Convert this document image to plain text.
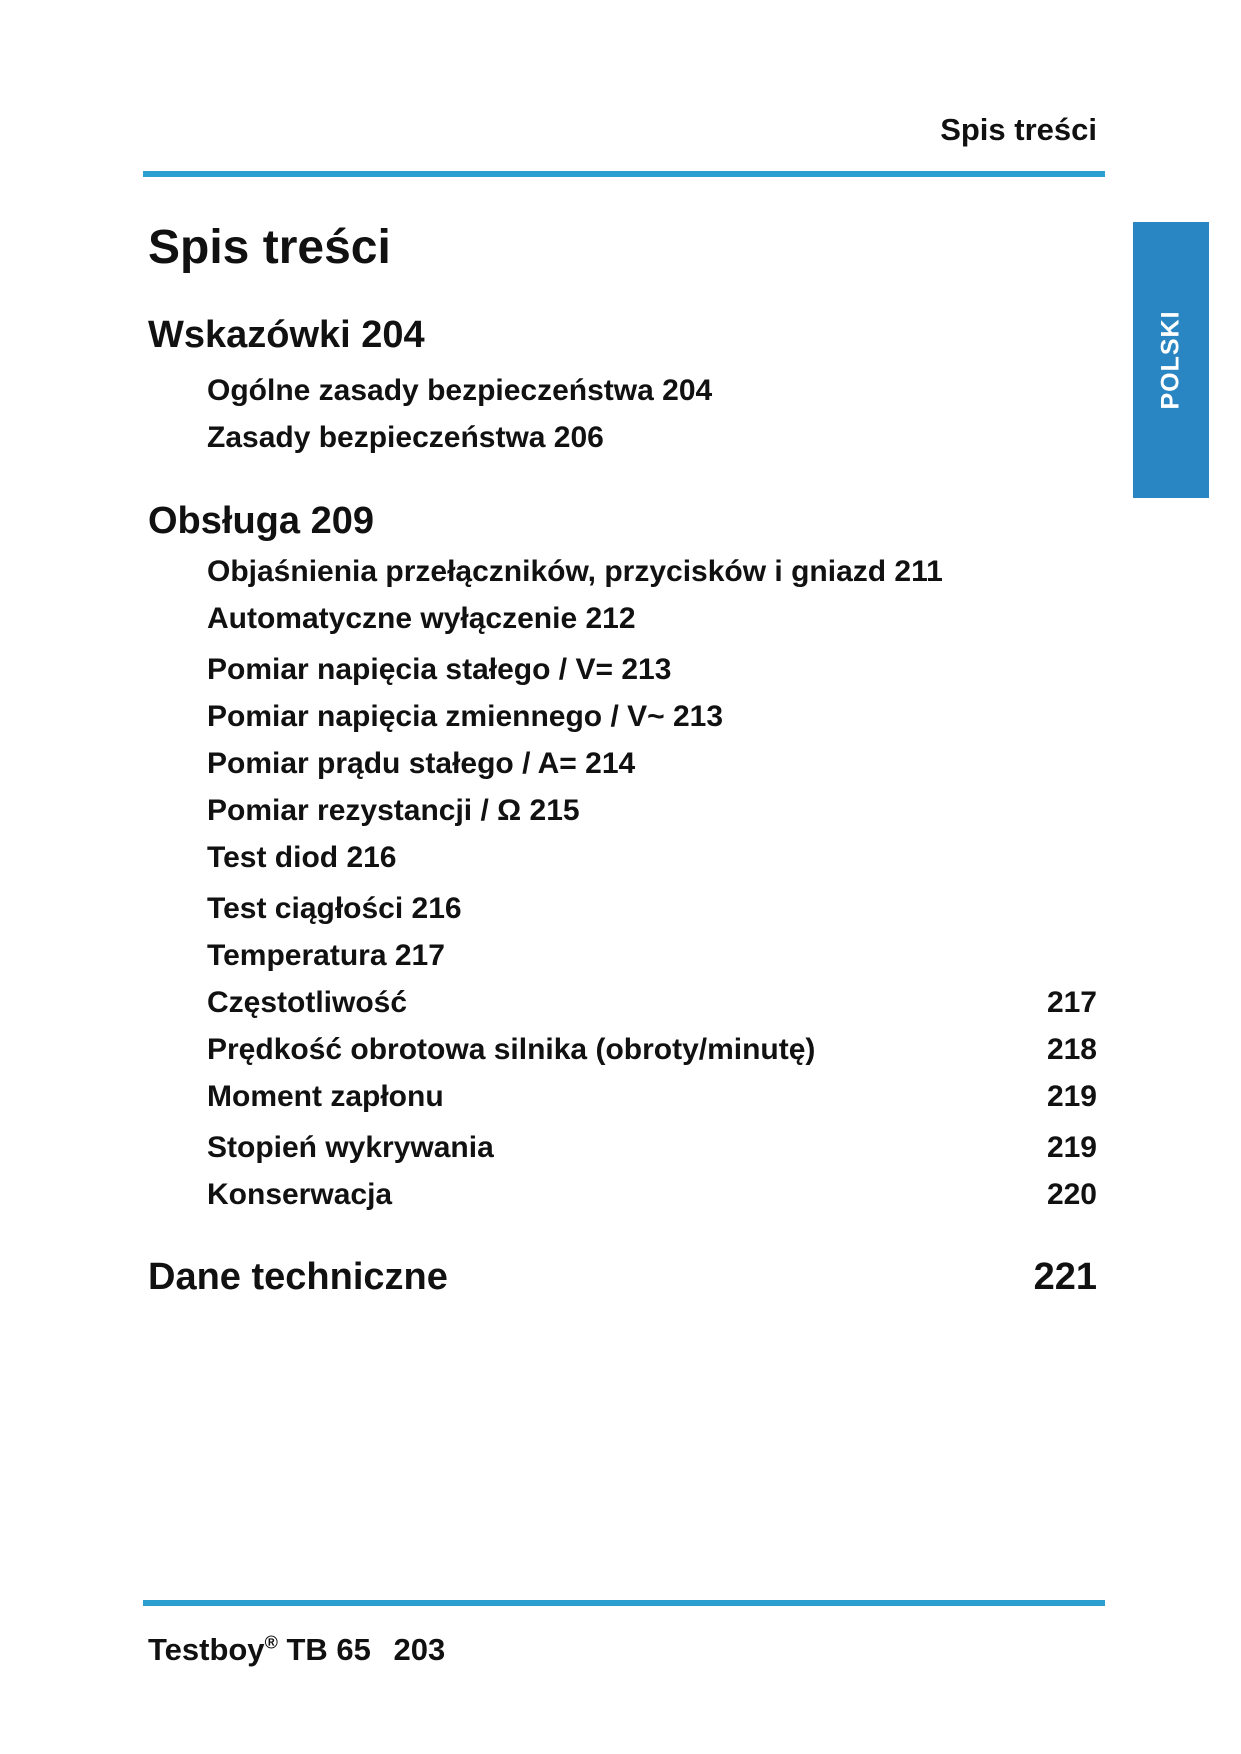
Spis treści
POLSKI
Spis treści
Wskazówki 204
Ogólne zasady bezpieczeństwa 204
Zasady bezpieczeństwa 206
Obsługa 209
Objaśnienia przełączników, przycisków i gniazd 211
Automatyczne wyłączenie 212
Pomiar napięcia stałego / V= 213
Pomiar napięcia zmiennego / V~ 213
Pomiar prądu stałego / A= 214
Pomiar rezystancji / Ω 215
Test diod 216
Test ciągłości 216
Temperatura 217
Częstotliwość	217
Prędkość obrotowa silnika (obroty/minutę)	218
Moment zapłonu	219
Stopień wykrywania	219
Konserwacja	220
Dane techniczne	221
Testboy® TB 65 203
